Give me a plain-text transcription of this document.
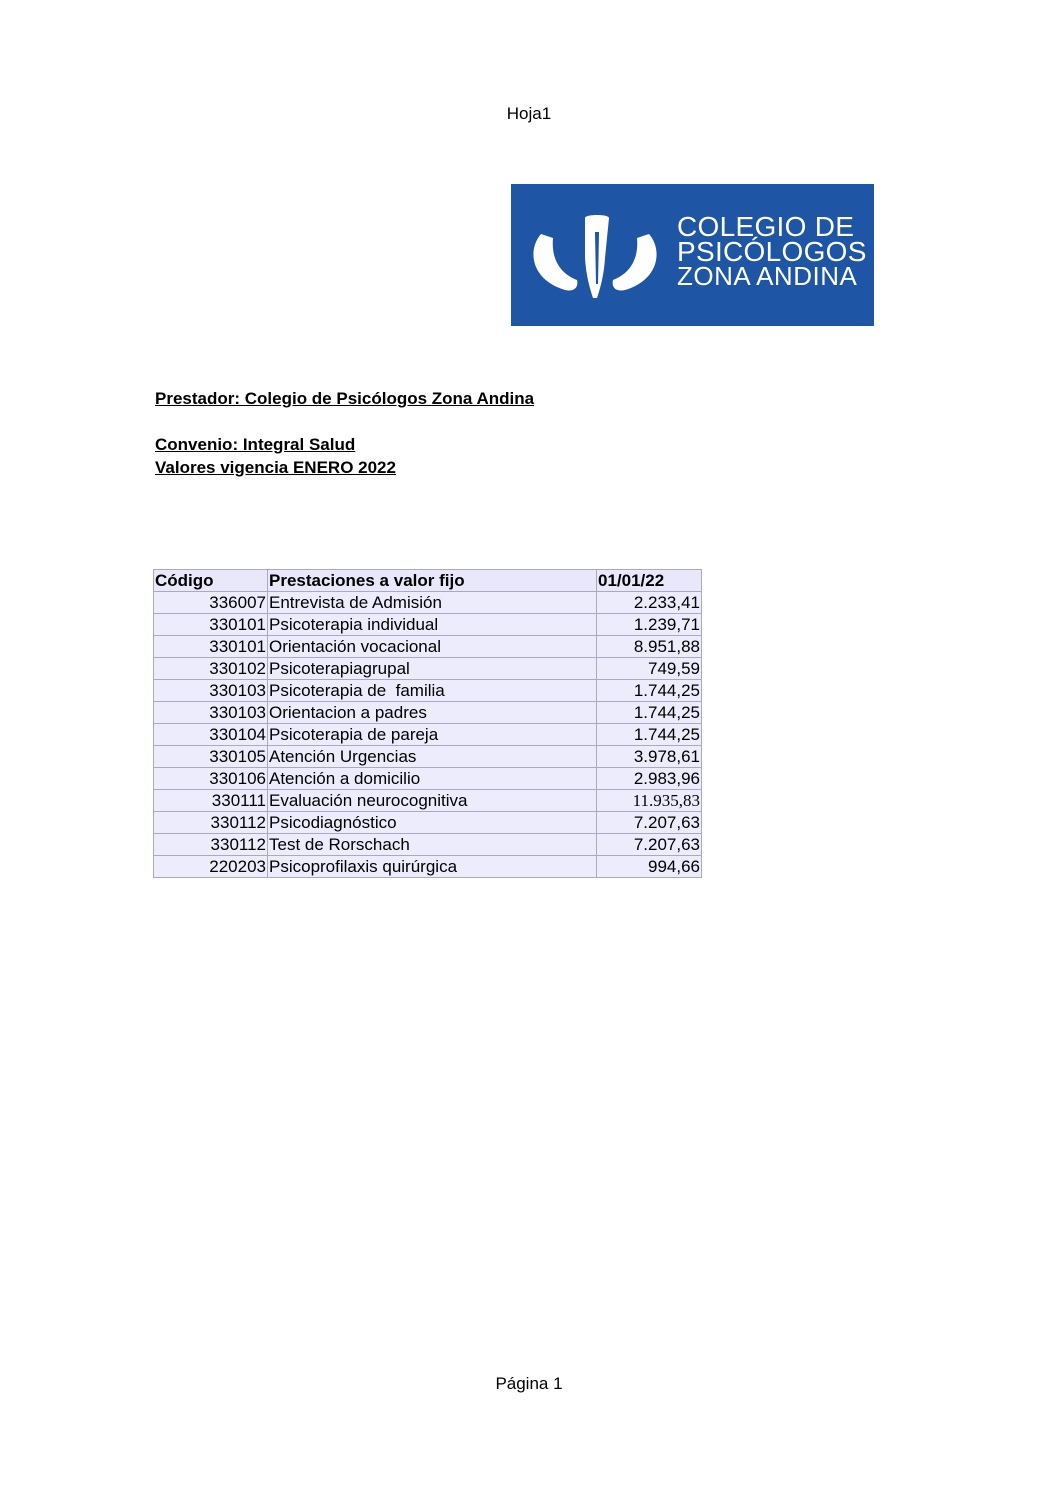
Hoja1
COLEGIO DE
PSICÓLOGOS
ZONA ANDINA
Prestador: Colegio de Psicólogos Zona Andina
Convenio: Integral Salud
Valores vigencia ENERO 2022
Código	Prestaciones a valor fijo	01/01/22
336007	Entrevista de Admisión	2.233,41
330101	Psicoterapia individual	1.239,71
330101	Orientación vocacional	8.951,88
330102	Psicoterapiagrupal	749,59
330103	Psicoterapia de  familia	1.744,25
330103	Orientacion a padres	1.744,25
330104	Psicoterapia de pareja	1.744,25
330105	Atención Urgencias	3.978,61
330106	Atención a domicilio	2.983,96
330111	Evaluación neurocognitiva	11.935,83
330112	Psicodiagnóstico	7.207,63
330112	Test de Rorschach	7.207,63
220203	Psicoprofilaxis quirúrgica	994,66
Página 1
